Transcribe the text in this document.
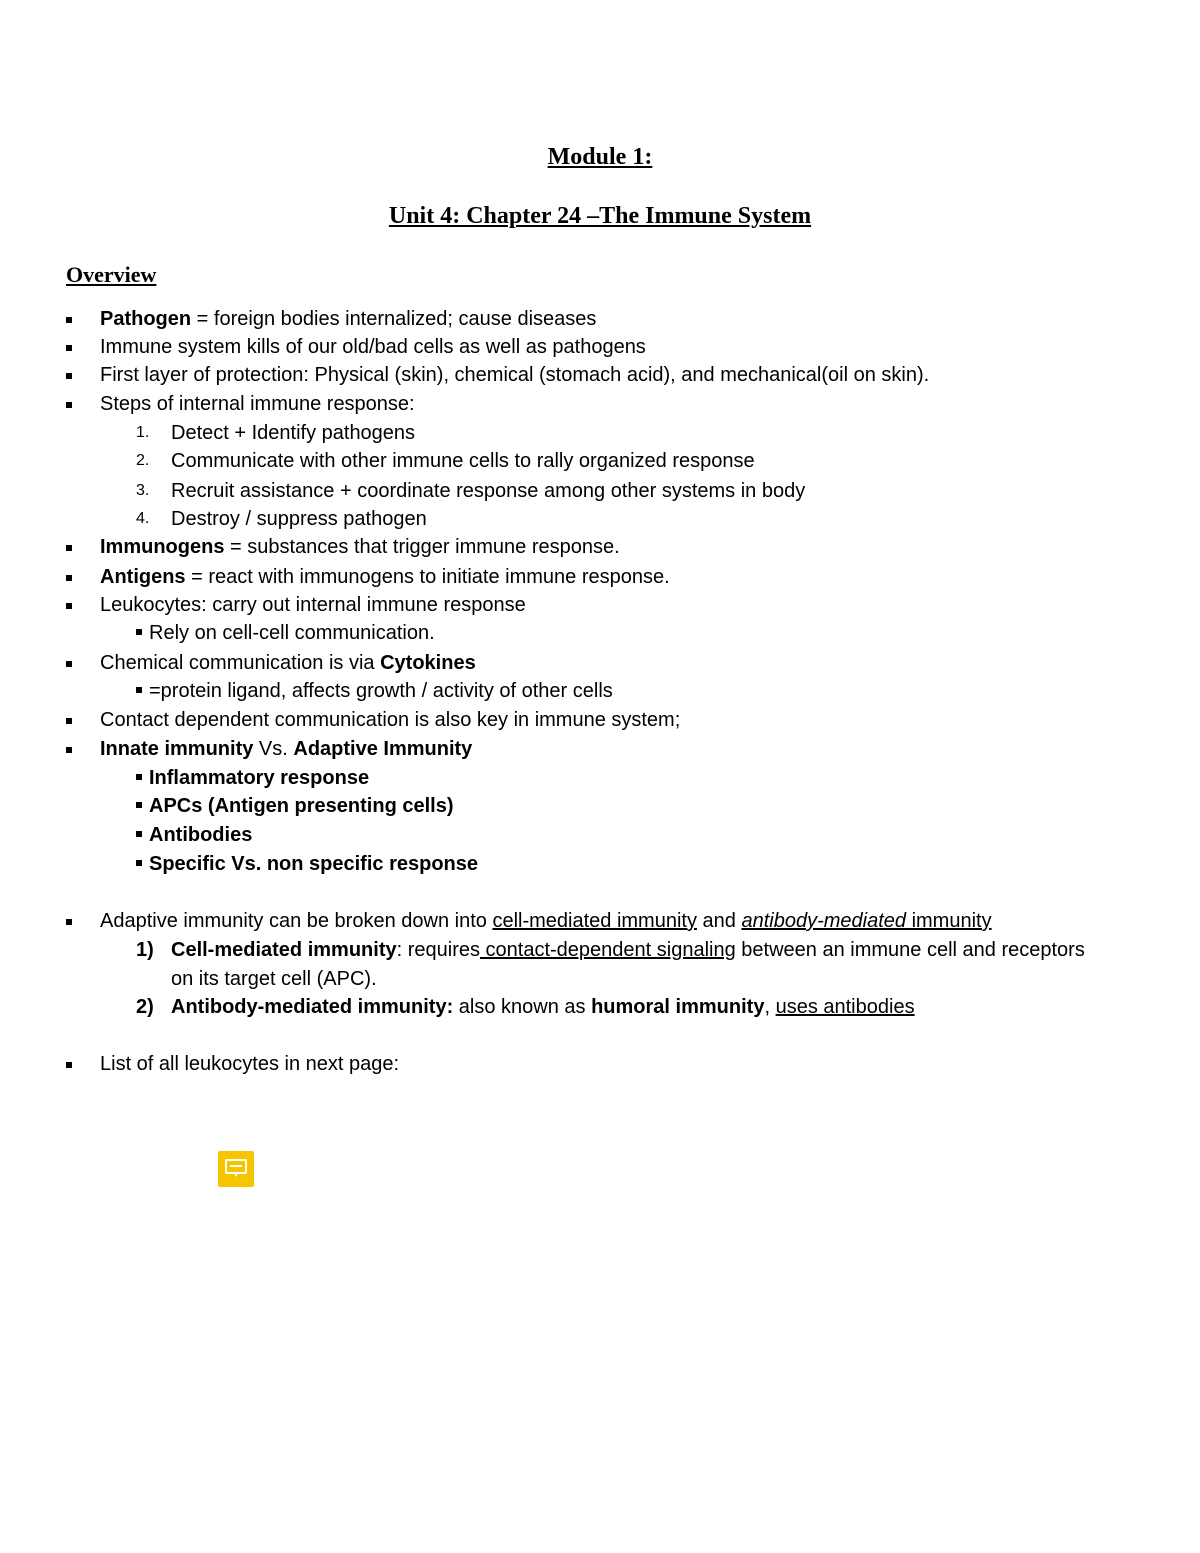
Module 1:
Unit 4: Chapter 24 –The Immune System
Overview
Pathogen = foreign bodies internalized; cause diseases
Immune system kills of our old/bad cells as well as pathogens
First layer of protection: Physical (skin), chemical (stomach acid), and mechanical(oil on skin).
Steps of internal immune response:
1. Detect + Identify pathogens
2. Communicate with other immune cells to rally organized response
3. Recruit assistance + coordinate response among other systems in body
4. Destroy / suppress pathogen
Immunogens = substances that trigger immune response.
Antigens = react with immunogens to initiate immune response.
Leukocytes: carry out internal immune response
Rely on cell-cell communication.
Chemical communication is via Cytokines
=protein ligand, affects growth / activity of other cells
Contact dependent communication is also key in immune system;
Innate immunity Vs. Adaptive Immunity
Inflammatory response
APCs (Antigen presenting cells)
Antibodies
Specific Vs. non specific response
Adaptive immunity can be broken down into cell-mediated immunity and antibody-mediated immunity
1) Cell-mediated immunity: requires contact-dependent signaling between an immune cell and receptors
on its target cell (APC).
2) Antibody-mediated immunity: also known as humoral immunity, uses antibodies
List of all leukocytes in next page:
